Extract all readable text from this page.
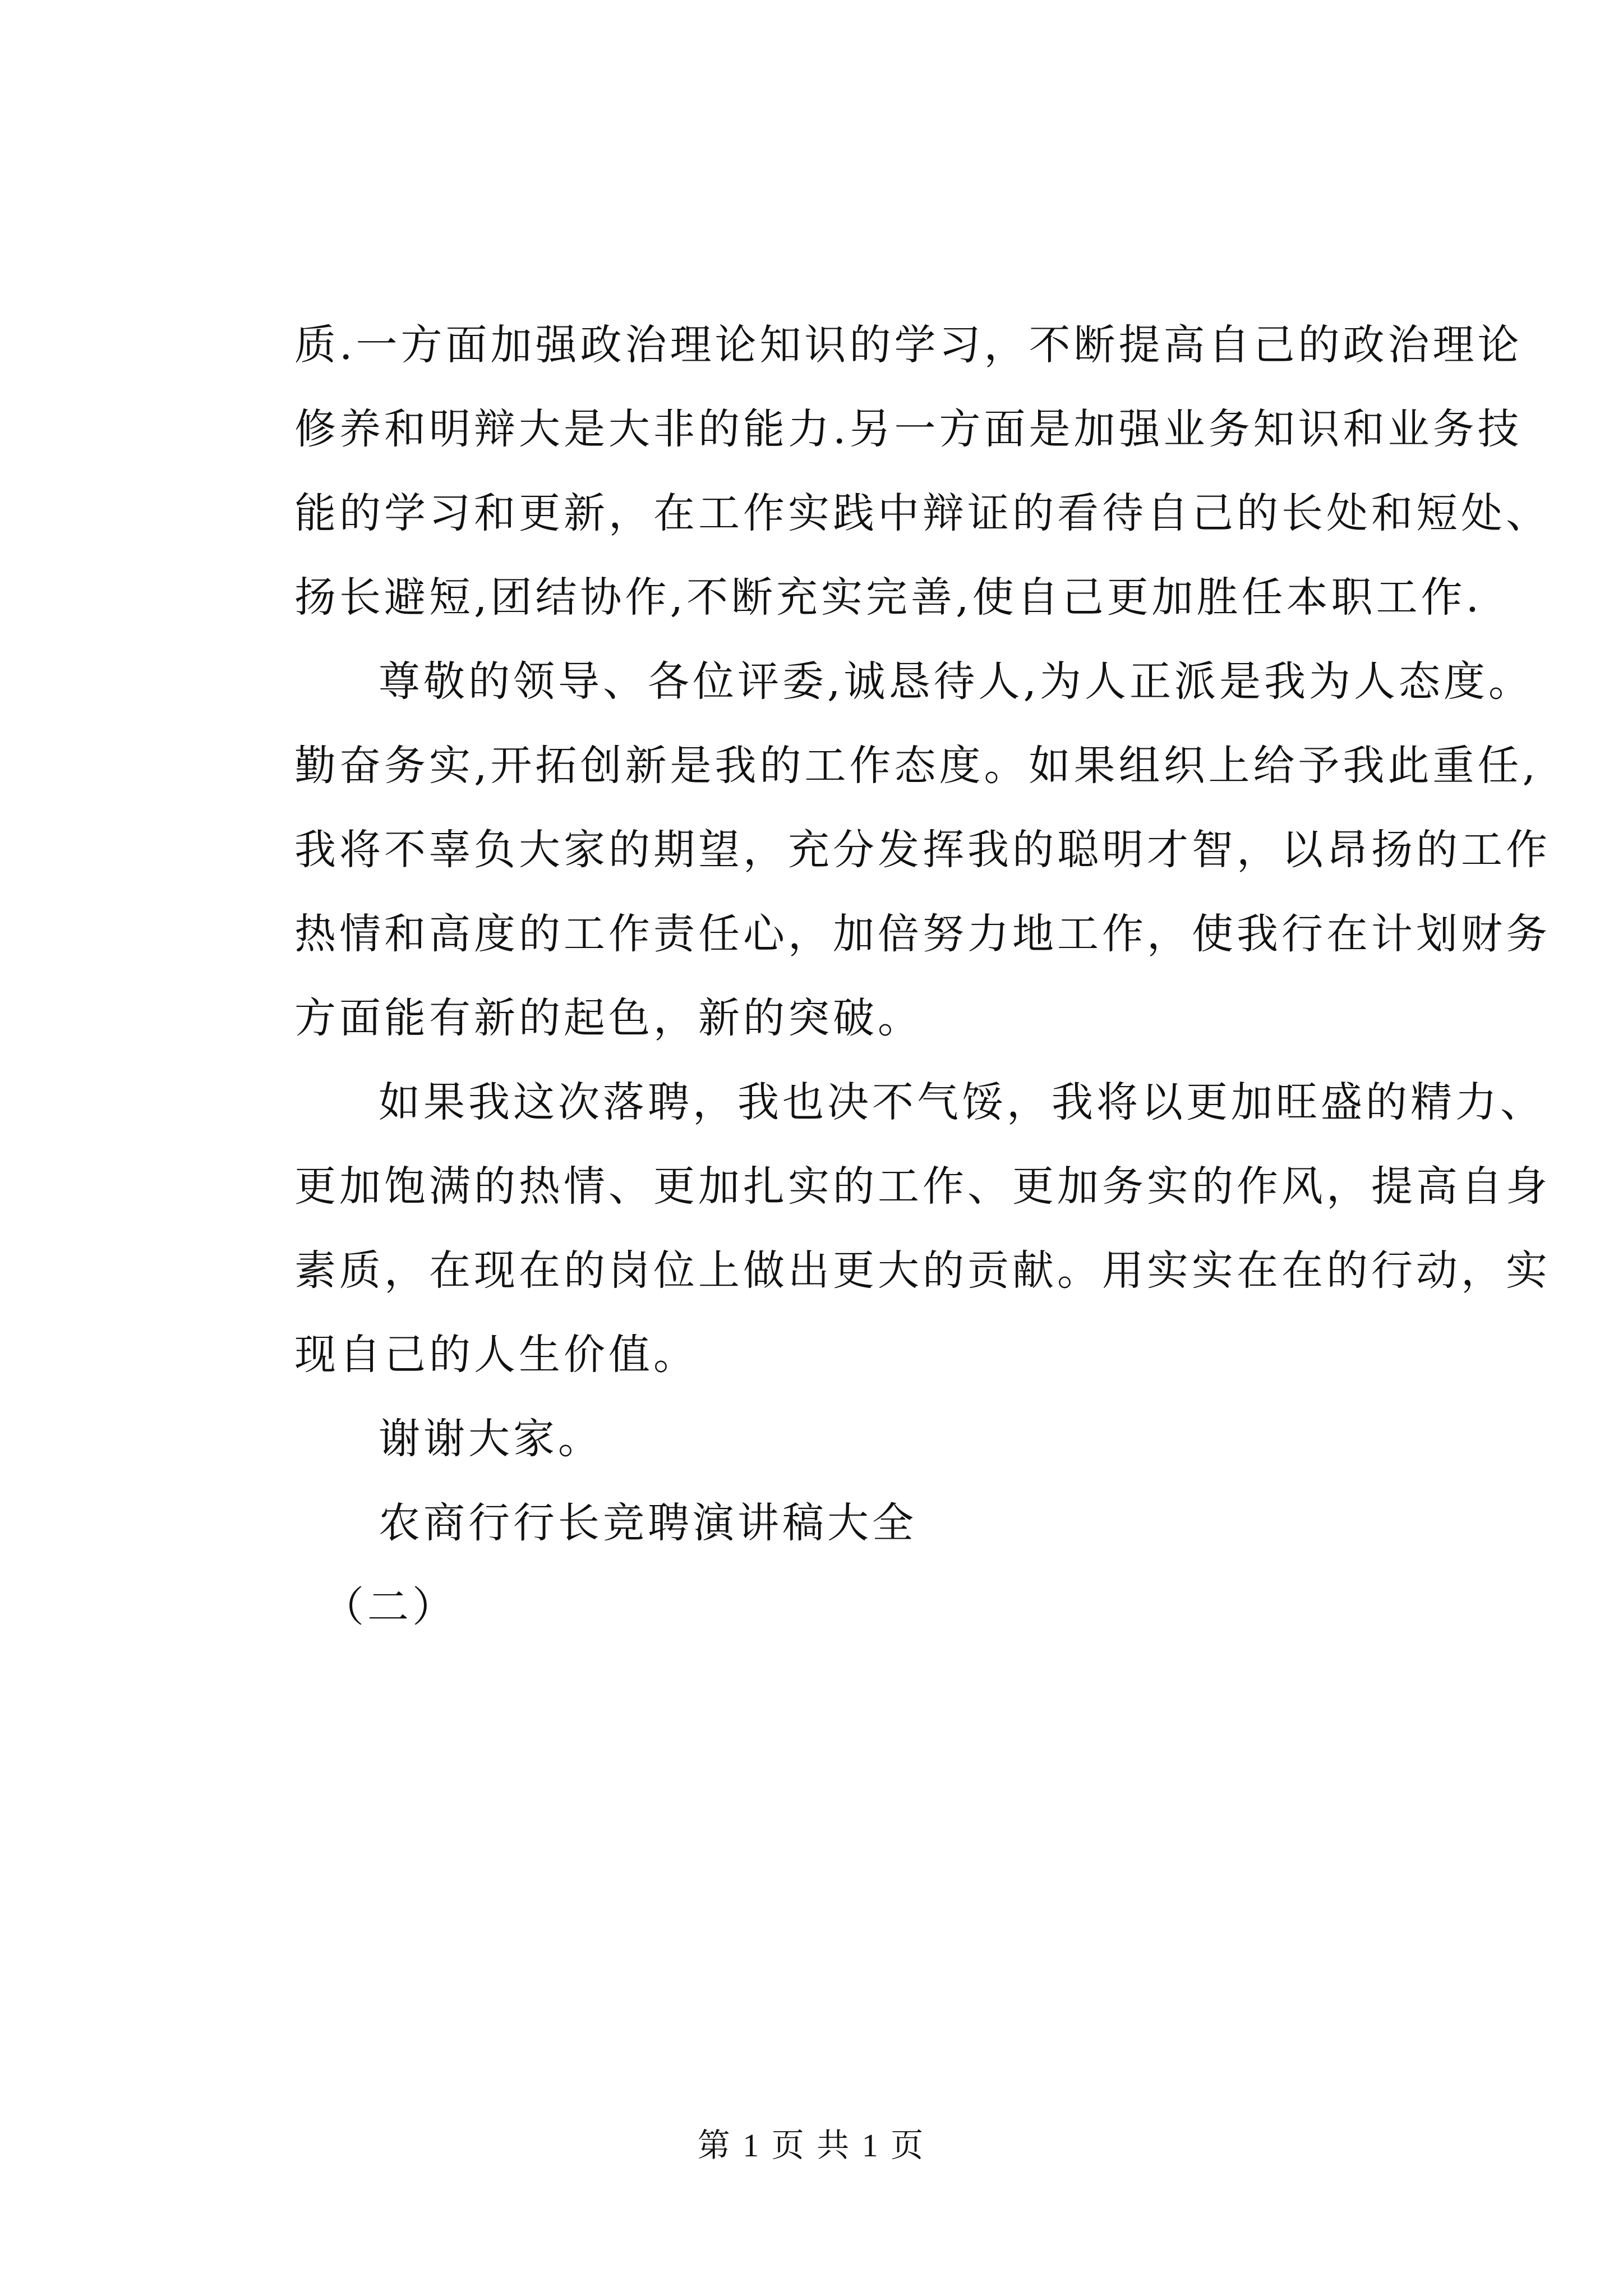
质.一方面加强政治理论知识的学习，不断提高自己的政治理论
修养和明辩大是大非的能力.另一方面是加强业务知识和业务技
能的学习和更新，在工作实践中辩证的看待自己的长处和短处、
扬长避短,团结协作,不断充实完善,使自己更加胜任本职工作.
尊敬的领导、各位评委,诚恳待人,为人正派是我为人态度。
勤奋务实,开拓创新是我的工作态度。如果组织上给予我此重任,
我将不辜负大家的期望，充分发挥我的聪明才智，以昂扬的工作
热情和高度的工作责任心，加倍努力地工作，使我行在计划财务
方面能有新的起色，新的突破。
如果我这次落聘，我也决不气馁，我将以更加旺盛的精力、
更加饱满的热情、更加扎实的工作、更加务实的作风，提高自身
素质，在现在的岗位上做出更大的贡献。用实实在在的行动，实
现自己的人生价值。
谢谢大家。
农商行行长竞聘演讲稿大全
（二）
第 1 页 共 1 页
